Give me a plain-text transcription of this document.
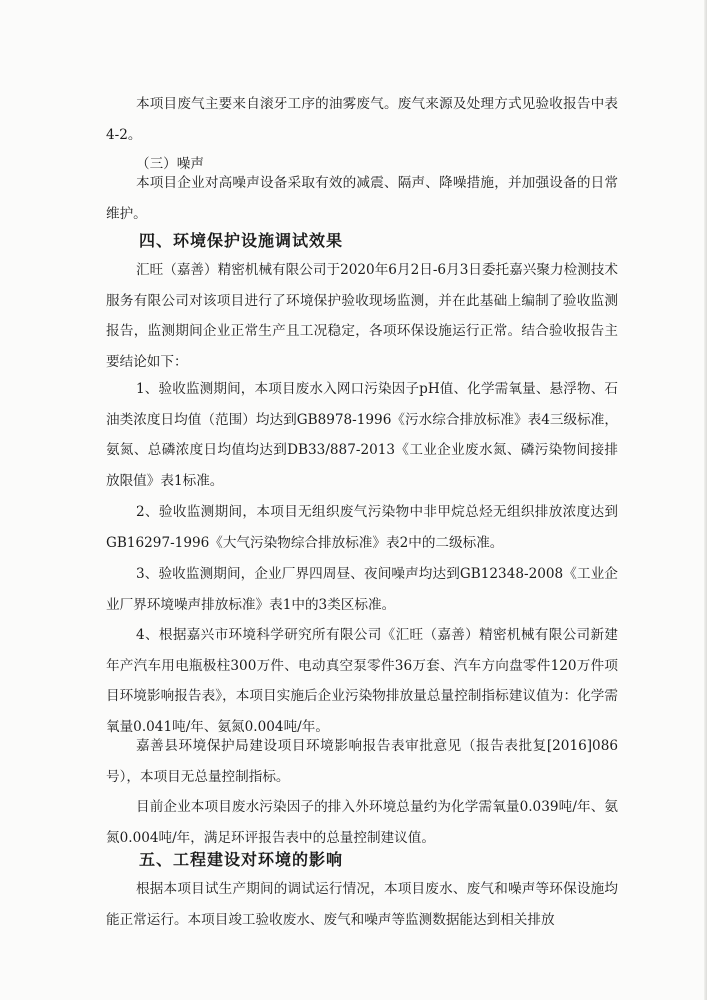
本项目废气主要来自滚牙工序的油雾废气。废气来源及处理方式见验收报告中表4-2。

（三）噪声

本项目企业对高噪声设备采取有效的减震、隔声、降噪措施，并加强设备的日常维护。

四、环境保护设施调试效果

汇旺（嘉善）精密机械有限公司于2020年6月2日-6月3日委托嘉兴聚力检测技术服务有限公司对该项目进行了环境保护验收现场监测，并在此基础上编制了验收监测报告，监测期间企业正常生产且工况稳定，各项环保设施运行正常。结合验收报告主要结论如下：

1、验收监测期间，本项目废水入网口污染因子pH值、化学需氧量、悬浮物、石油类浓度日均值（范围）均达到GB8978-1996《污水综合排放标准》表4三级标准，氨氮、总磷浓度日均值均达到DB33/887-2013《工业企业废水氮、磷污染物间接排放限值》表1标准。

2、验收监测期间，本项目无组织废气污染物中非甲烷总烃无组织排放浓度达到GB16297-1996《大气污染物综合排放标准》表2中的二级标准。

3、验收监测期间，企业厂界四周昼、夜间噪声均达到GB12348-2008《工业企业厂界环境噪声排放标准》表1中的3类区标准。

4、根据嘉兴市环境科学研究所有限公司《汇旺（嘉善）精密机械有限公司新建年产汽车用电瓶极柱300万件、电动真空泵零件36万套、汽车方向盘零件120万件项目环境影响报告表》，本项目实施后企业污染物排放量总量控制指标建议值为：化学需氧量0.041吨/年、氨氮0.004吨/年。

嘉善县环境保护局建设项目环境影响报告表审批意见（报告表批复[2016]086号），本项目无总量控制指标。

目前企业本项目废水污染因子的排入外环境总量约为化学需氧量0.039吨/年、氨氮0.004吨/年，满足环评报告表中的总量控制建议值。

五、工程建设对环境的影响

根据本项目试生产期间的调试运行情况，本项目废水、废气和噪声等环保设施均能正常运行。本项目竣工验收废水、废气和噪声等监测数据能达到相关排放
